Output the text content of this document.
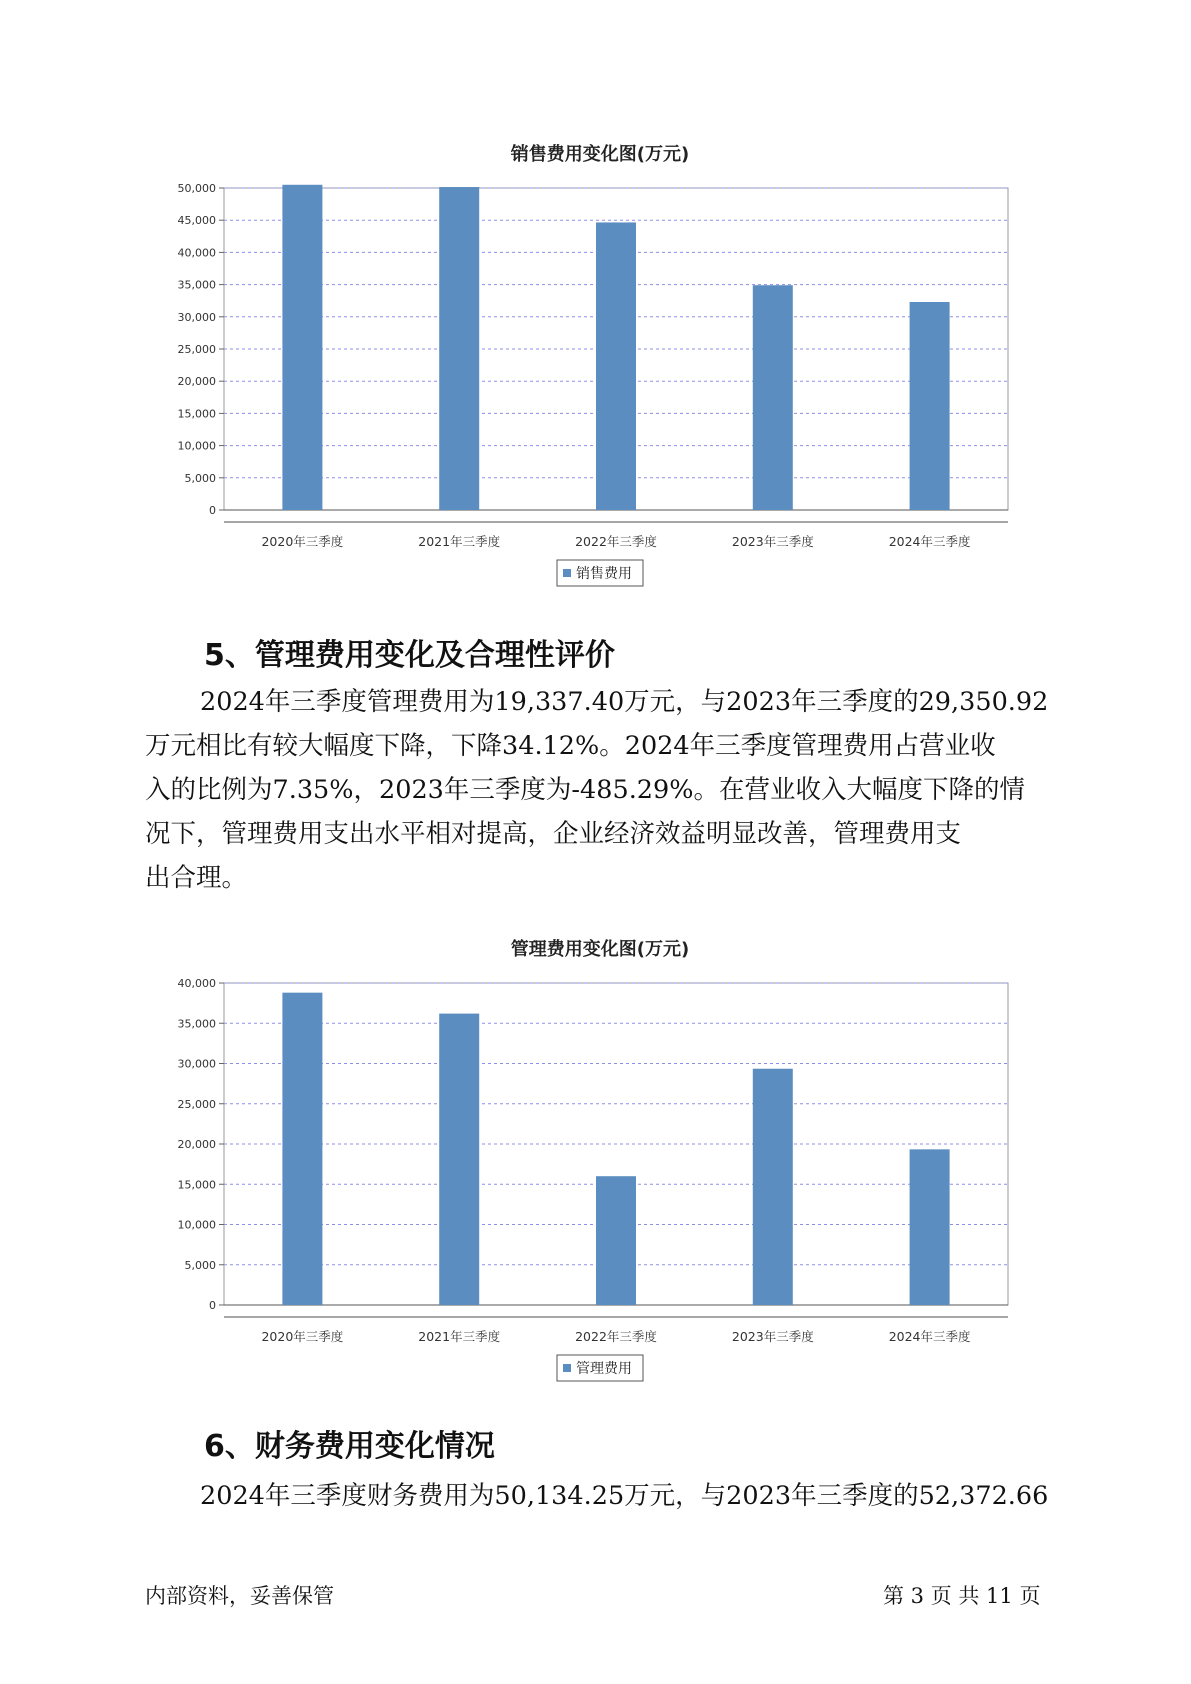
销售费用变化图(万元)
0
5,000
10,000
15,000
20,000
25,000
30,000
35,000
40,000
45,000
50,000
2020年三季度	2021年三季度	2022年三季度	2023年三季度	2024年三季度
销售费用
5、管理费用变化及合理性评价
2024年三季度管理费用为19,337.40万元，与2023年三季度的29,350.92
万元相比有较大幅度下降，下降34.12%。2024年三季度管理费用占营业收
入的比例为7.35%，2023年三季度为-485.29%。在营业收入大幅度下降的情
况下，管理费用支出水平相对提高，企业经济效益明显改善，管理费用支
出合理。
管理费用变化图(万元)
0
5,000
10,000
15,000
20,000
25,000
30,000
35,000
40,000
2020年三季度	2021年三季度	2022年三季度	2023年三季度	2024年三季度
管理费用
6、财务费用变化情况
2024年三季度财务费用为50,134.25万元，与2023年三季度的52,372.66
内部资料，妥善保管	第 3 页 共 11 页
